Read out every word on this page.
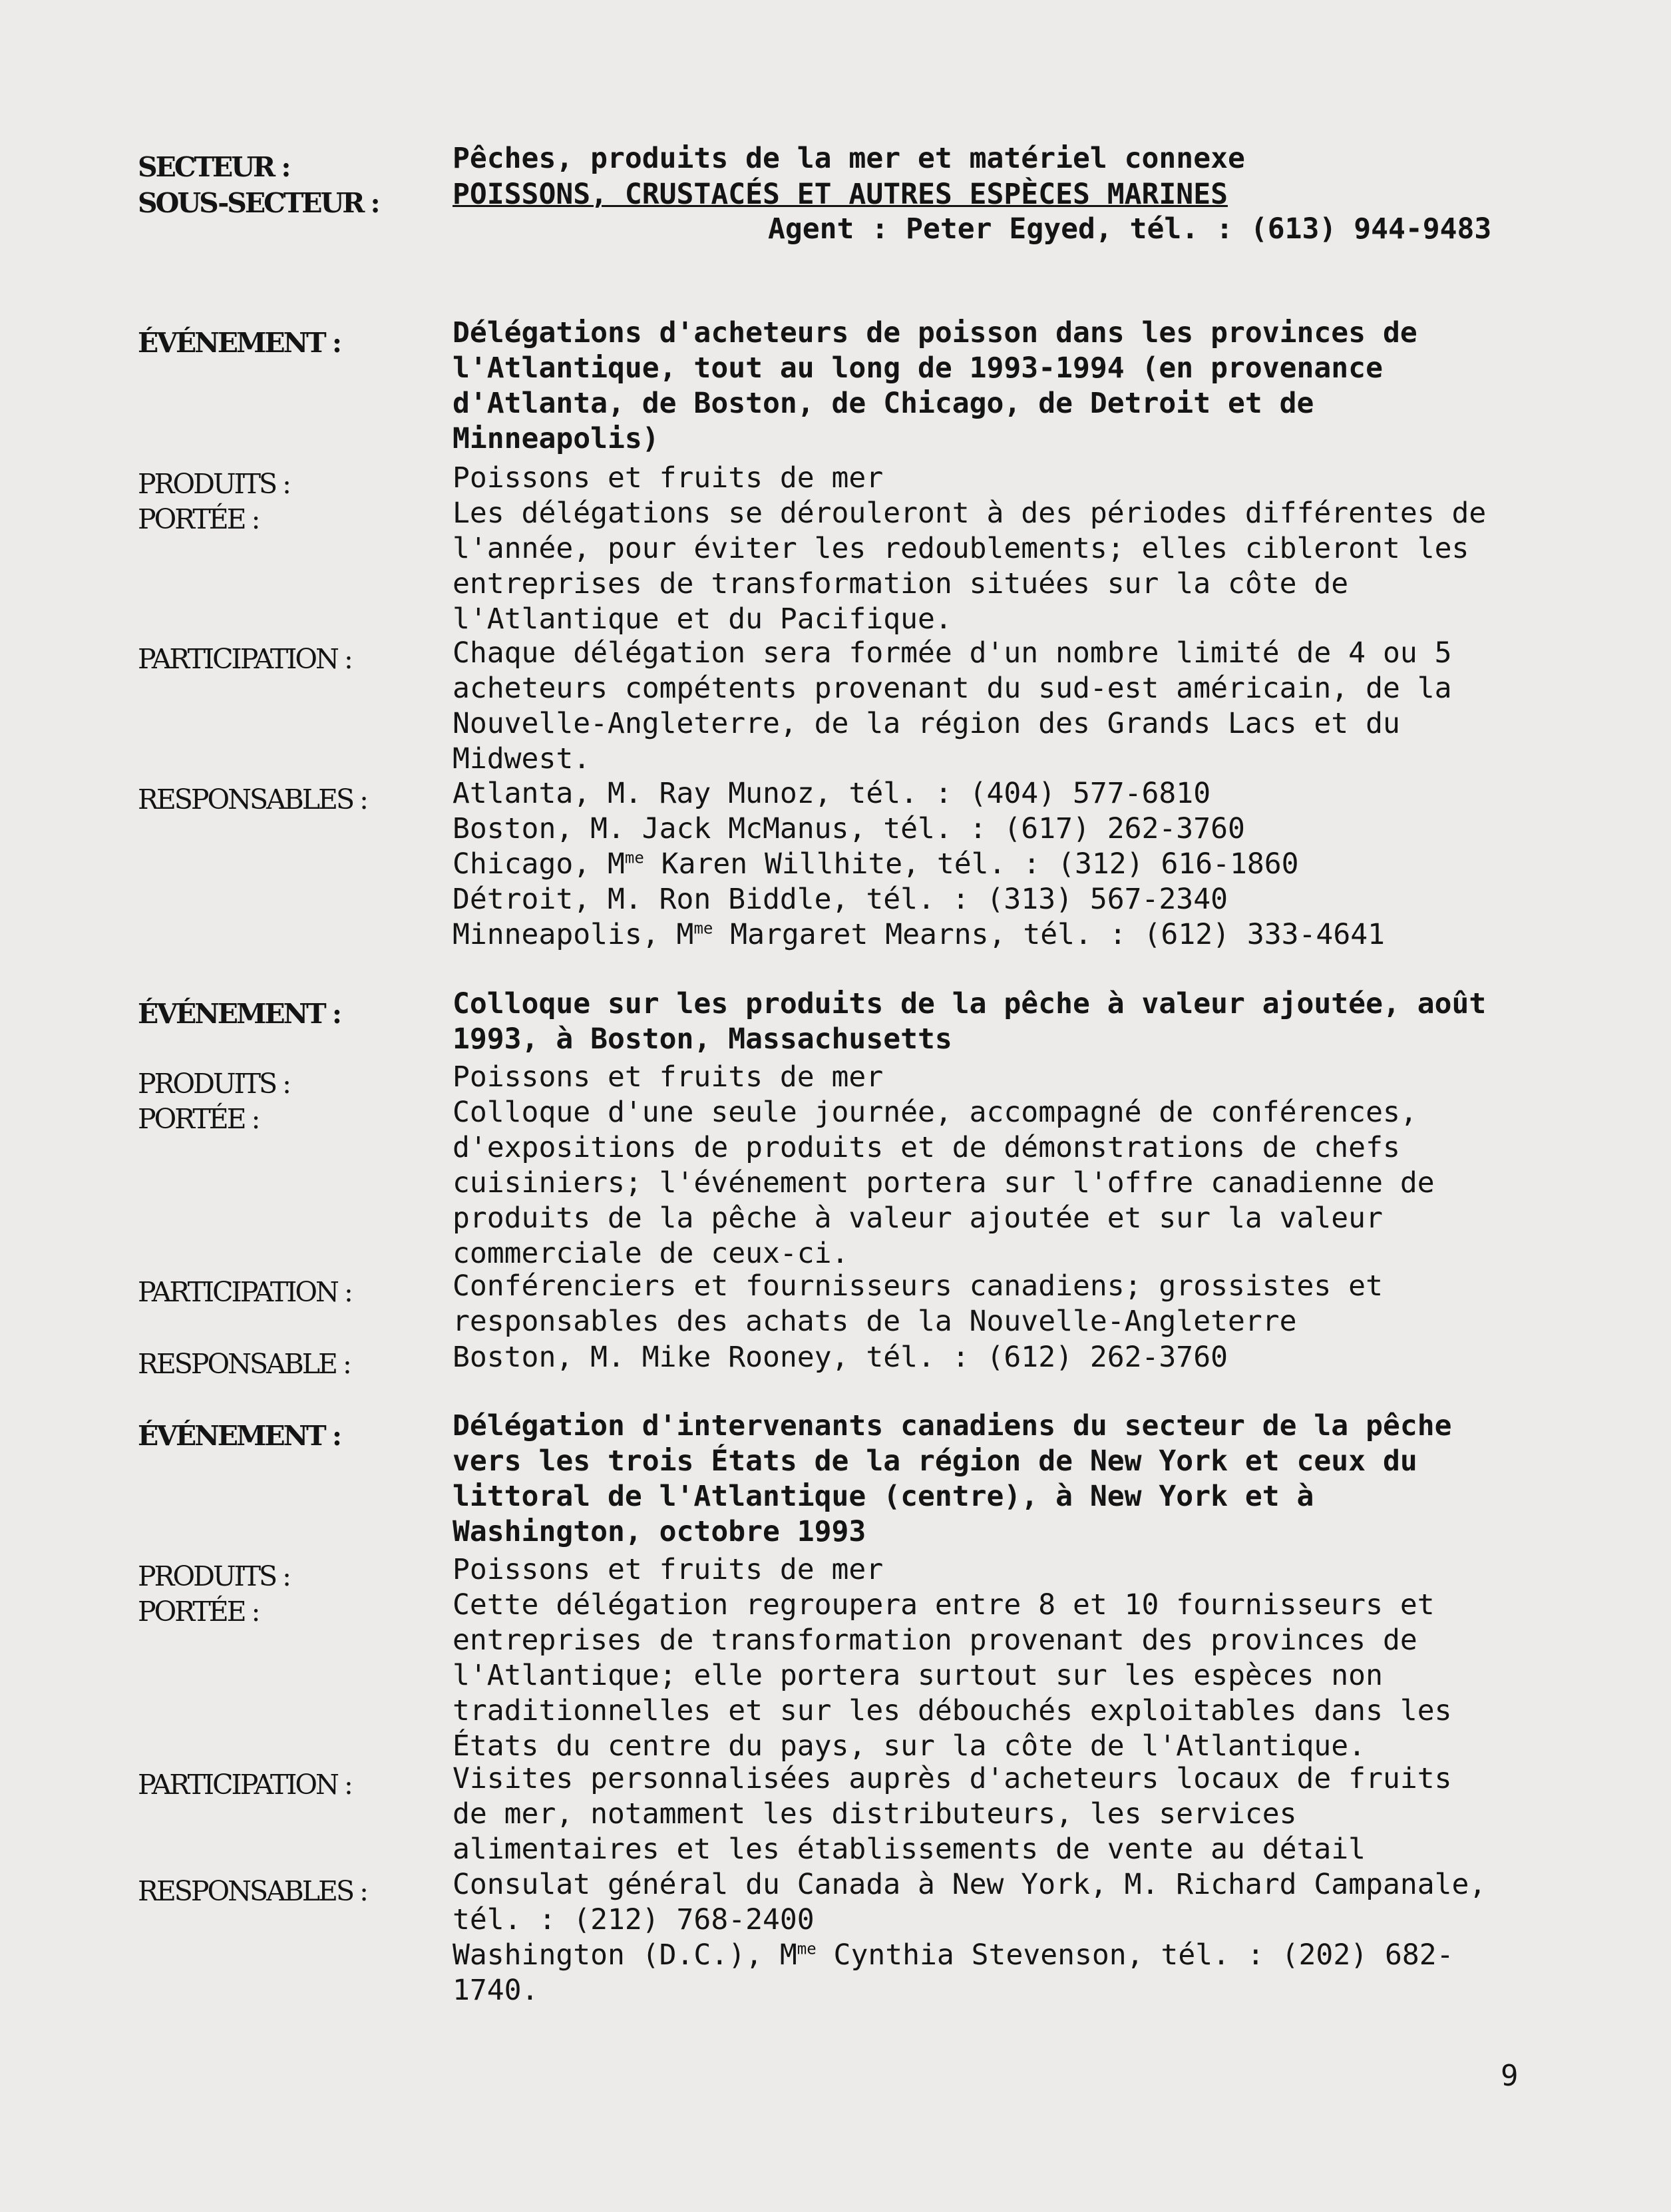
SECTEUR :	Pêches, produits de la mer et matériel connexe
SOUS-SECTEUR :	POISSONS, CRUSTACÉS ET AUTRES ESPÈCES MARINES
Agent : Peter Egyed, tél. : (613) 944-9483
ÉVÉNEMENT :	Délégations d'acheteurs de poisson dans les provinces de
l'Atlantique, tout au long de 1993-1994 (en provenance
d'Atlanta, de Boston, de Chicago, de Detroit et de
Minneapolis)
PRODUITS :	Poissons et fruits de mer
PORTÉE :	Les délégations se dérouleront à des périodes différentes de
l'année, pour éviter les redoublements; elles cibleront les
entreprises de transformation situées sur la côte de
l'Atlantique et du Pacifique.
PARTICIPATION :	Chaque délégation sera formée d'un nombre limité de 4 ou 5
acheteurs compétents provenant du sud-est américain, de la
Nouvelle-Angleterre, de la région des Grands Lacs et du
Midwest.
RESPONSABLES :	Atlanta, M. Ray Munoz, tél. : (404) 577-6810
Boston, M. Jack McManus, tél. : (617) 262-3760
Chicago, $M^{me}$ Karen Willhite, tél. : (312) 616-1860
Détroit, M. Ron Biddle, tél. : (313) 567-2340
Minneapolis, $M^{me}$ Margaret Mearns, tél. : (612) 333-4641
ÉVÉNEMENT :	Colloque sur les produits de la pêche à valeur ajoutée, août
1993, à Boston, Massachusetts
PRODUITS :	Poissons et fruits de mer
PORTÉE :	Colloque d'une seule journée, accompagné de conférences,
d'expositions de produits et de démonstrations de chefs
cuisiniers; l'événement portera sur l'offre canadienne de
produits de la pêche à valeur ajoutée et sur la valeur
commerciale de ceux-ci.
PARTICIPATION :	Conférenciers et fournisseurs canadiens; grossistes et
responsables des achats de la Nouvelle-Angleterre
RESPONSABLE :	Boston, M. Mike Rooney, tél. : (612) 262-3760
ÉVÉNEMENT :	Délégation d'intervenants canadiens du secteur de la pêche
vers les trois États de la région de New York et ceux du
littoral de l'Atlantique (centre), à New York et à
Washington, octobre 1993
PRODUITS :	Poissons et fruits de mer
PORTÉE :	Cette délégation regroupera entre 8 et 10 fournisseurs et
entreprises de transformation provenant des provinces de
l'Atlantique; elle portera surtout sur les espèces non
traditionnelles et sur les débouchés exploitables dans les
États du centre du pays, sur la côte de l'Atlantique.
PARTICIPATION :	Visites personnalisées auprès d'acheteurs locaux de fruits
de mer, notamment les distributeurs, les services
alimentaires et les établissements de vente au détail
RESPONSABLES :	Consulat général du Canada à New York, M. Richard Campanale,
tél. : (212) 768-2400
Washington (D.C.), $M^{me}$ Cynthia Stevenson, tél. : (202) 682-
1740.
9
